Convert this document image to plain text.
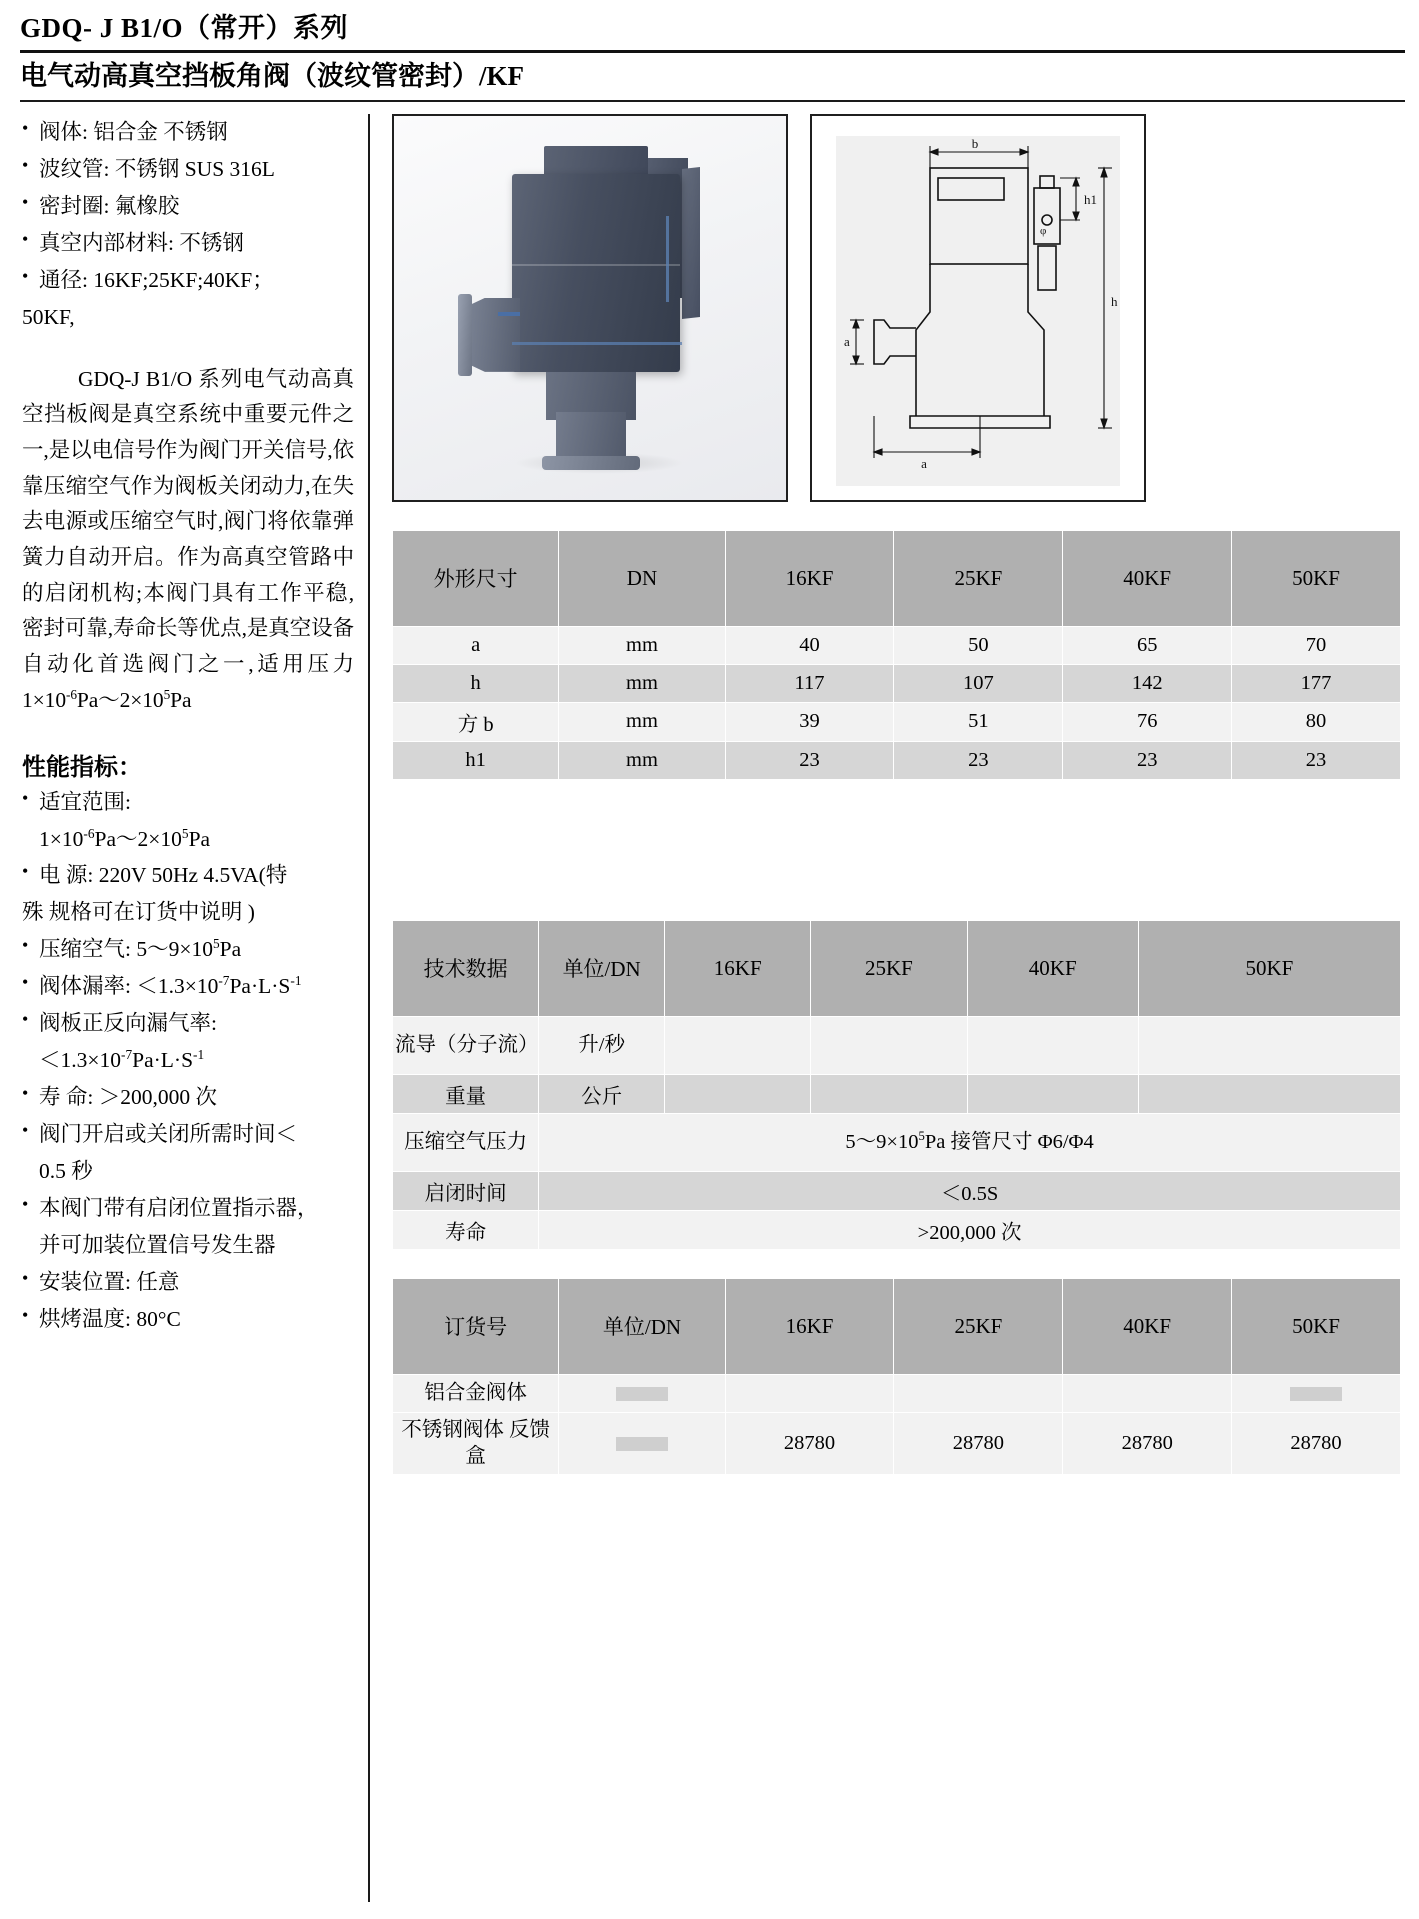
GDQ- J B1/O（常开）系列
电气动高真空挡板角阀（波纹管密封）/KF
• 阀体: 铝合金 不锈钢
• 波纹管: 不锈钢 SUS 316L
• 密封圈: 氟橡胶
• 真空内部材料: 不锈钢
• 通径: 16KF;25KF;40KF；
50KF,
GDQ-J B1/O 系列电气动高真空挡板阀是真空系统中重要元件之一,是以电信号作为阀门开关信号,依靠压缩空气作为阀板关闭动力,在失去电源或压缩空气时,阀门将依靠弹簧力自动开启。作为高真空管路中的启闭机构;本阀门具有工作平稳,密封可靠,寿命长等优点,是真空设备自动化首选阀门之一,适用压力 $1\times 10^{-6}Pa\sim 2\times 10^5Pa$
性能指标：
• 适宜范围:
$1\times 10^{-6}Pa\sim 2\times 10^5Pa$
• 电 源: 220V 50Hz 4.5VA(特
殊 规格可在订货中说明 )
• 压缩空气: $5\sim 9\times 10^5Pa$
• 阀体漏率: $<1.3\times 10^{-7}Pa\cdot L\cdot S^{-1}$
• 阀板正反向漏气率:
$<1.3\times 10^{-7}Pa\cdot L\cdot S^{-1}$
• 寿 命: ＞200,000 次
• 阀门开启或关闭所需时间＜
0.5 秒
• 本阀门带有启闭位置指示器，
并可加装位置信号发生器
• 安装位置: 任意
• 烘烤温度: 80°C
b
h1
h
a
a
φ
外形尺寸	DN	16KF	25KF	40KF	50KF
a	mm	40	50	65	70
h	mm	117	107	142	177
方 b	mm	39	51	76	80
h1	mm	23	23	23	23
技术数据	单位/DN	16KF	25KF	40KF	50KF
流导（分子流）	升/秒				
重量	公斤				
压缩空气压力	$5\sim 9\times 10^5Pa$ 接管尺寸 Φ6/Φ4				
启闭时间	＜0.5S				
寿命	>200,000 次				
订货号	单位/DN	16KF	25KF	40KF	50KF
铝合金阀体					
不锈钢阀体 反馈盒		28780	28780	28780	28780
